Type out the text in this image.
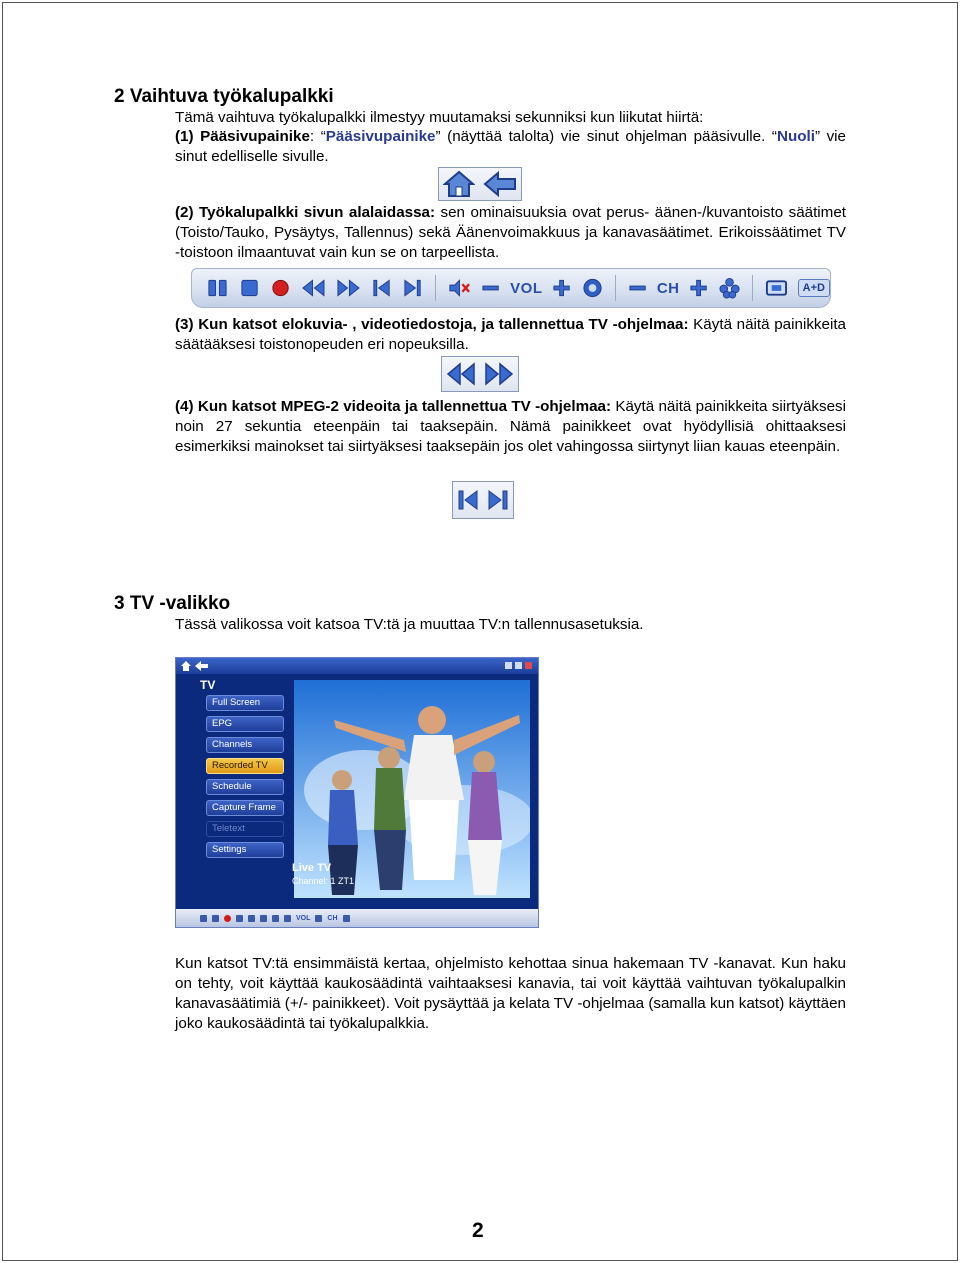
2 Vaihtuva työkalupalkki
Tämä vaihtuva työkalupalkki ilmestyy muutamaksi sekunniksi kun liikutat hiirtä:
(1) Pääsivupainike: “Pääsivupainike” (näyttää talolta) vie sinut ohjelman pääsivulle. “Nuoli” vie sinut edelliselle sivulle.
(2) Työkalupalkki sivun alalaidassa: sen ominaisuuksia ovat perus- äänen-/kuvantoisto säätimet (Toisto/Tauko, Pysäytys, Tallennus) sekä Äänenvoimakkuus ja kanavasäätimet. Erikoissäätimet TV -toistoon ilmaantuvat vain kun se on tarpeellista.
VOL	CH	A+D
(3) Kun katsot elokuvia- , videotiedostoja, ja tallennettua TV -ohjelmaa: Käytä näitä painikkeita säätääksesi toistonopeuden eri nopeuksilla.
(4) Kun katsot MPEG-2 videoita ja tallennettua TV -ohjelmaa: Käytä näitä painikkeita siirtyäksesi noin 27 sekuntia eteenpäin tai taaksepäin. Nämä painikkeet ovat hyödyllisiä ohittaaksesi esimerkiksi mainokset tai siirtyäksesi taaksepäin jos olet vahingossa siirtynyt liian kauas eteenpäin.
3 TV -valikko
Tässä valikossa voit katsoa TV:tä ja muuttaa TV:n tallennusasetuksia.
TV
Full Screen
EPG
Channels
Recorded TV
Schedule
Capture Frame
Teletext
Settings
Live TV
Channel: 1 ZT1
VOL CH
Kun katsot TV:tä ensimmäistä kertaa, ohjelmisto kehottaa sinua hakemaan TV -kanavat. Kun haku on tehty, voit käyttää kaukosäädintä vaihtaaksesi kanavia, tai voit käyttää vaihtuvan työkalupalkin kanavasäätimiä (+/- painikkeet). Voit pysäyttää ja kelata TV -ohjelmaa (samalla kun katsot) käyttäen joko kaukosäädintä tai työkalupalkkia.
2
